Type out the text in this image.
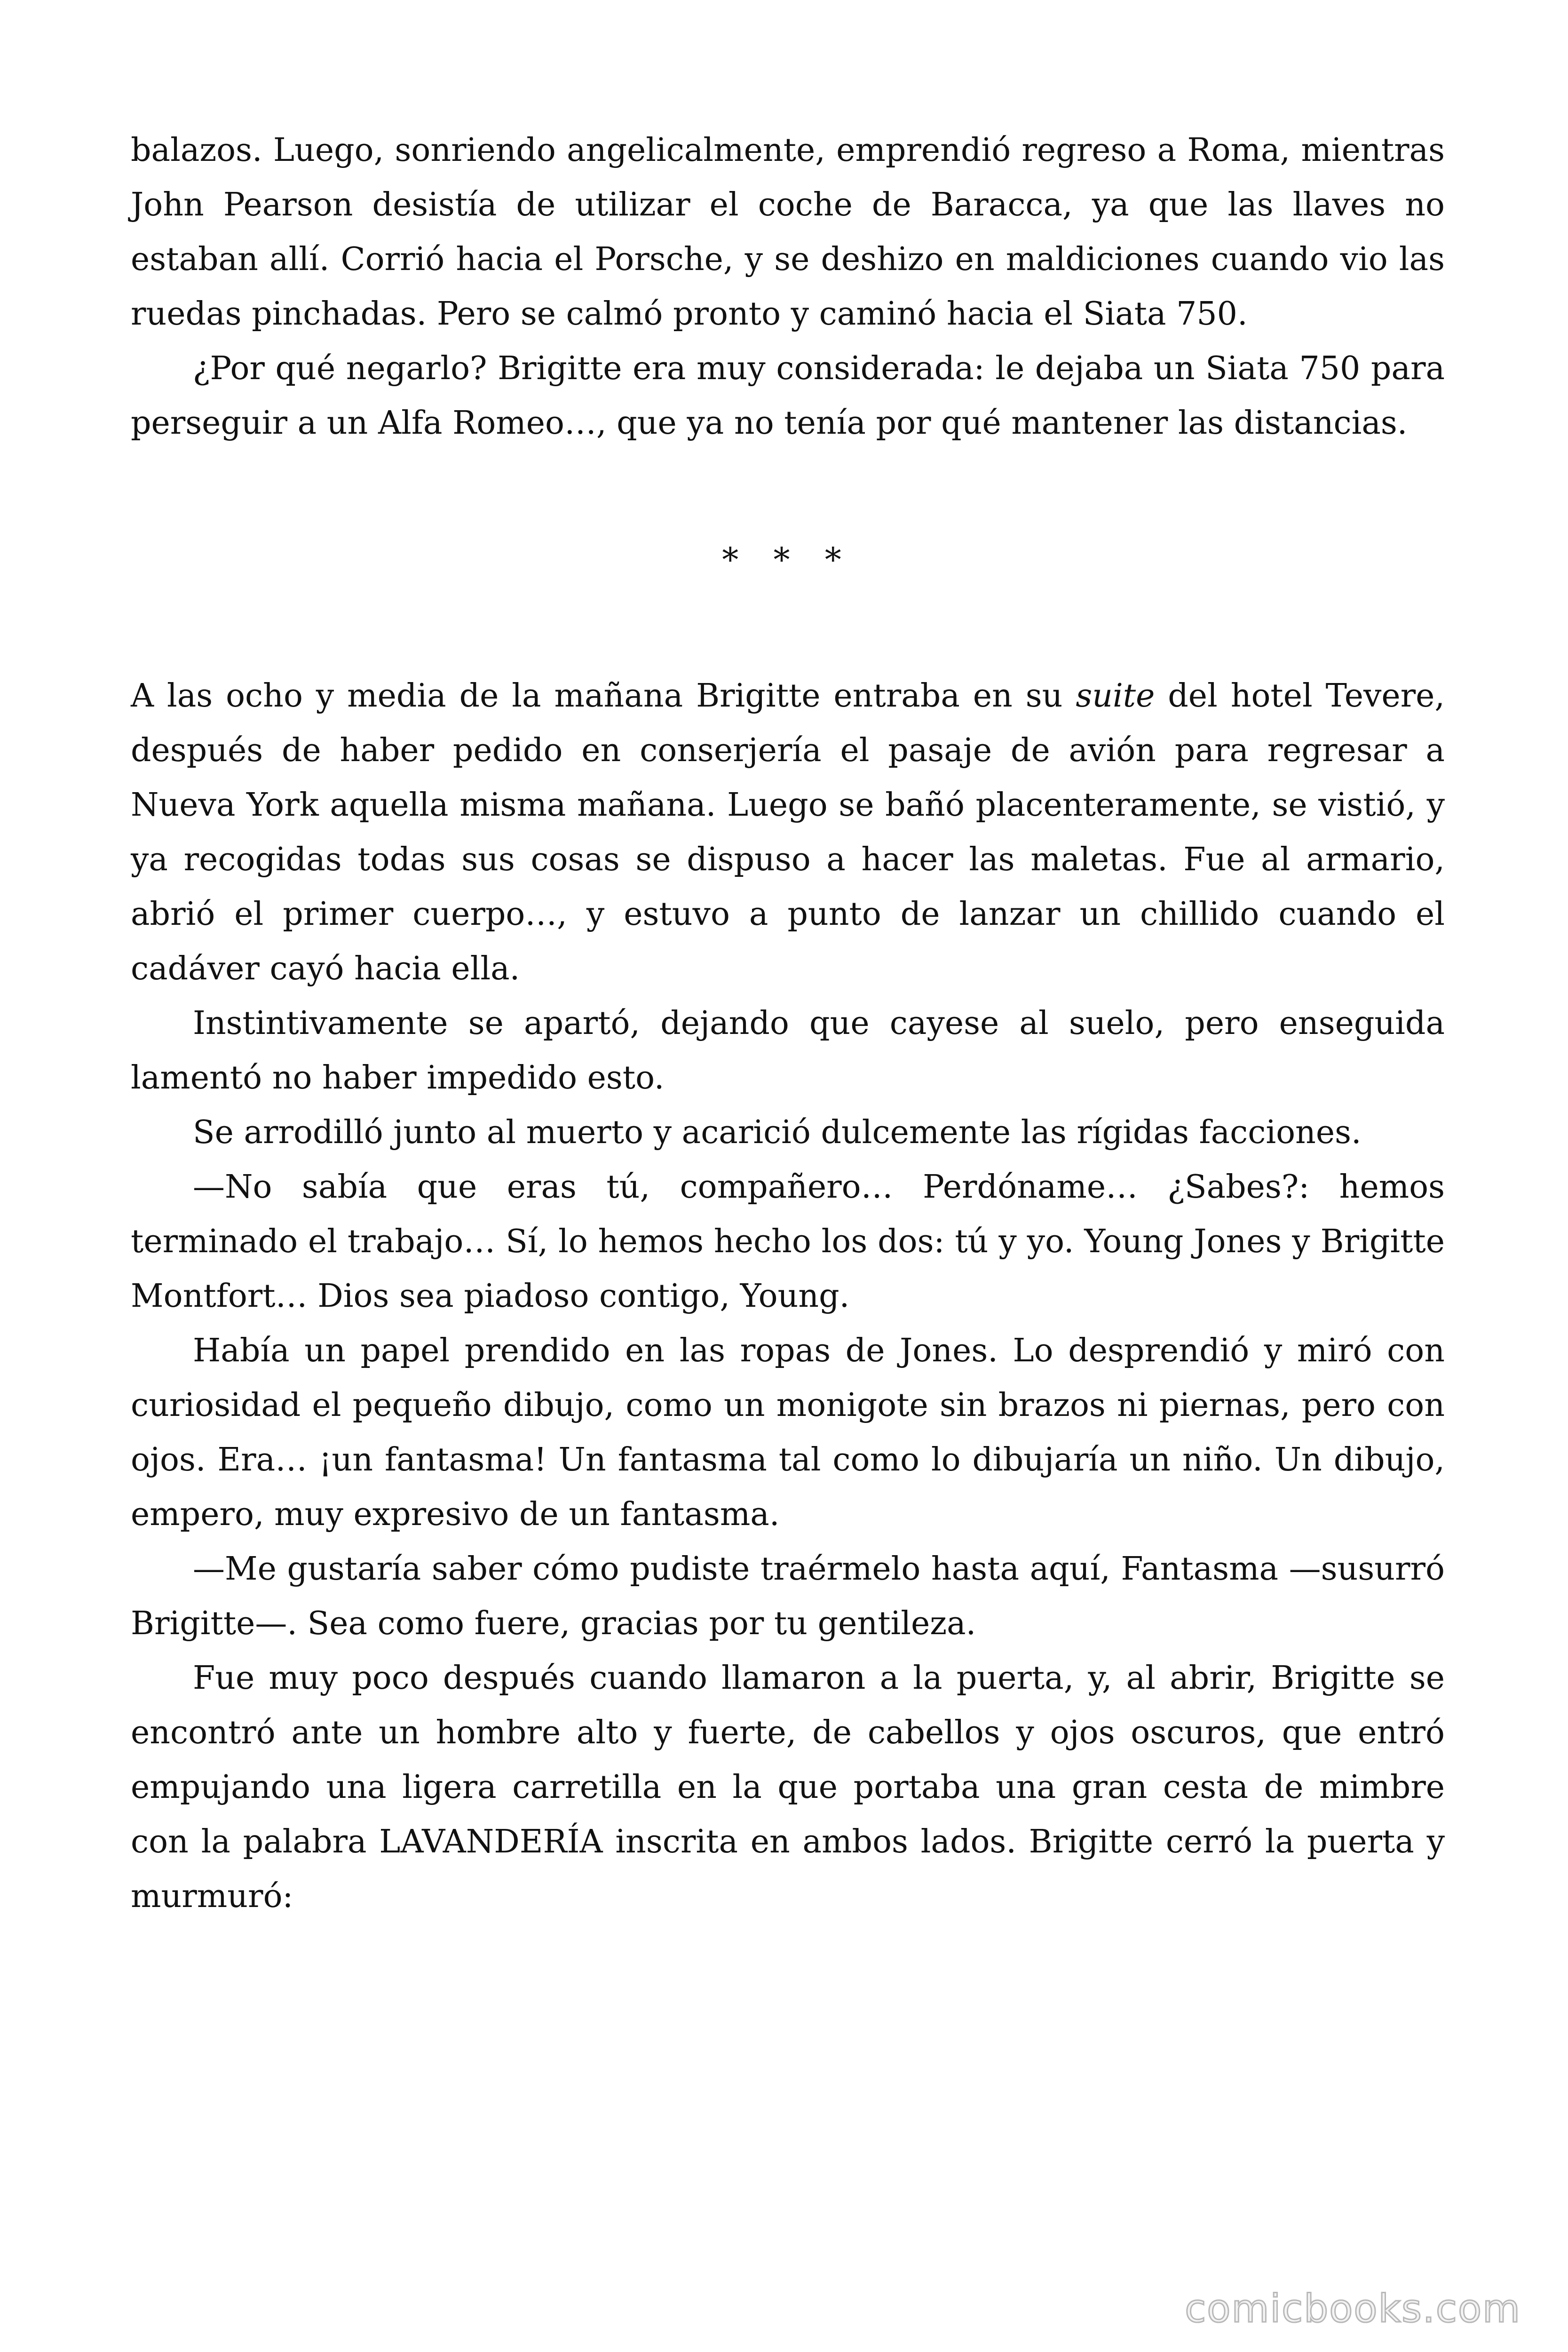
balazos. Luego, sonriendo angelicalmente, emprendió regreso a Roma, mientras John Pearson desistía de utilizar el coche de Baracca, ya que las llaves no estaban allí. Corrió hacia el Porsche, y se deshizo en maldiciones cuando vio las ruedas pinchadas. Pero se calmó pronto y caminó hacia el Siata 750.

¿Por qué negarlo? Brigitte era muy considerada: le dejaba un Siata 750 para perseguir a un Alfa Romeo…, que ya no tenía por qué mantener las distancias.

* * *

A las ocho y media de la mañana Brigitte entraba en su suite del hotel Tevere, después de haber pedido en conserjería el pasaje de avión para regresar a Nueva York aquella misma mañana. Luego se bañó placenteramente, se vistió, y ya recogidas todas sus cosas se dispuso a hacer las maletas. Fue al armario, abrió el primer cuerpo…, y estuvo a punto de lanzar un chillido cuando el cadáver cayó hacia ella.

Instintivamente se apartó, dejando que cayese al suelo, pero enseguida lamentó no haber impedido esto.

Se arrodilló junto al muerto y acarició dulcemente las rígidas facciones.

—No sabía que eras tú, compañero… Perdóname… ¿Sabes?: hemos terminado el trabajo… Sí, lo hemos hecho los dos: tú y yo. Young Jones y Brigitte Montfort… Dios sea piadoso contigo, Young.

Había un papel prendido en las ropas de Jones. Lo desprendió y miró con curiosidad el pequeño dibujo, como un monigote sin brazos ni piernas, pero con ojos. Era… ¡un fantasma! Un fantasma tal como lo dibujaría un niño. Un dibujo, empero, muy expresivo de un fantasma.

—Me gustaría saber cómo pudiste traérmelo hasta aquí, Fantasma —susurró Brigitte—. Sea como fuere, gracias por tu gentileza.

Fue muy poco después cuando llamaron a la puerta, y, al abrir, Brigitte se encontró ante un hombre alto y fuerte, de cabellos y ojos oscuros, que entró empujando una ligera carretilla en la que portaba una gran cesta de mimbre con la palabra LAVANDERÍA inscrita en ambos lados. Brigitte cerró la puerta y murmuró:

comicbooks.com
